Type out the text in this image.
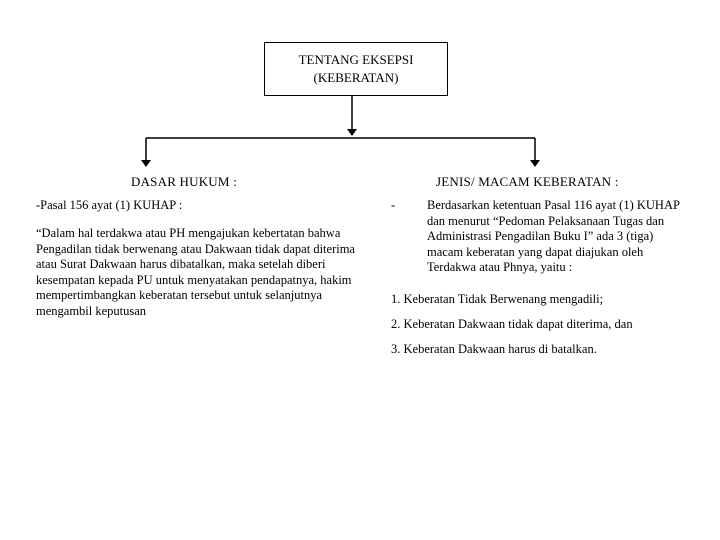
TENTANG EKSEPSI
(KEBERATAN)
DASAR HUKUM :
-Pasal 156 ayat (1) KUHAP :
“Dalam hal terdakwa atau PH mengajukan kebertatan bahwa Pengadilan tidak berwenang atau Dakwaan tidak dapat diterima atau Surat Dakwaan harus dibatalkan, maka setelah diberi kesempatan kepada PU untuk menyatakan pendapatnya, hakim mempertimbangkan keberatan tersebut untuk selanjutnya mengambil keputusan
JENIS/ MACAM KEBERATAN :
-	Berdasarkan ketentuan Pasal 116 ayat (1) KUHAP dan menurut “Pedoman Pelaksanaan Tugas dan Administrasi Pengadilan Buku I” ada 3 (tiga) macam keberatan yang dapat diajukan oleh Terdakwa atau Phnya, yaitu :
1. Keberatan Tidak Berwenang mengadili;
2. Keberatan Dakwaan tidak dapat diterima, dan
3. Keberatan Dakwaan harus di batalkan.
